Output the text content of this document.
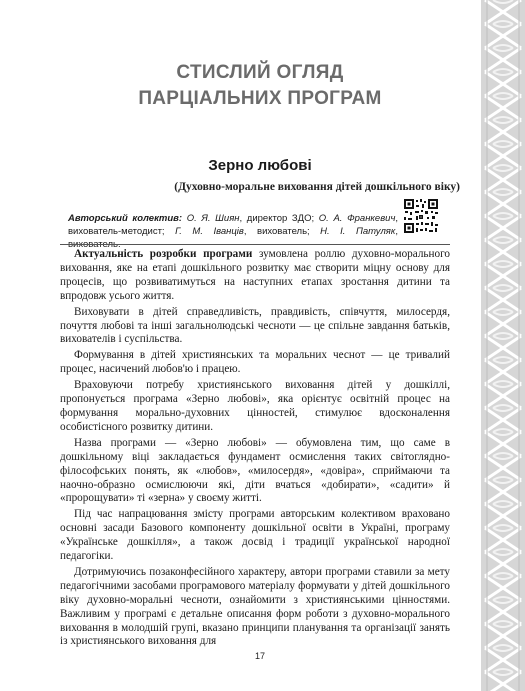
СТИСЛИЙ ОГЛЯД
ПАРЦІАЛЬНИХ ПРОГРАМ
Зерно любові
(Духовно-моральне виховання дітей дошкільного віку)
Авторський колектив: О. Я. Шиян, директор ЗДО; О. А. Франкевич, вихователь-методист; Г. М. Іванців, вихователь; Н. І. Патуляк, вихователь.

Актуальність розробки програми зумовлена роллю духовно-морального виховання, яке на етапі дошкільного розвитку має створити міцну основу для процесів, що розвиватимуться на наступних етапах зростання дитини та впродовж усього життя.

Виховувати в дітей справедливість, правдивість, співчуття, милосердя, почуття любові та інші загальнолюдські чесноти — це спільне завдання батьків, вихователів і суспільства.

Формування в дітей християнських та моральних чеснот — це тривалий процес, насичений любов'ю і працею.

Враховуючи потребу християнського виховання дітей у дошкіллі, пропонується програма «Зерно любові», яка орієнтує освітній процес на формування морально-духовних цінностей, стимулює вдосконалення особистісного розвитку дитини.

Назва програми — «Зерно любові» — обумовлена тим, що саме в дошкільному віці закладається фундамент осмислення таких світоглядно-філософських понять, як «любов», «милосердя», «довіра», сприймаючи та наочно-образно осмислюючи які, діти вчаться «добирати», «садити» й «пророщувати» ті «зерна» у своєму житті.

Під час напрацювання змісту програми авторським колективом враховано основні засади Базового компоненту дошкільної освіти в Україні, програму «Українське дошкілля», а також досвід і традиції української народної педагогіки.

Дотримуючись позаконфесійного характеру, автори програми ставили за мету педагогічними засобами програмового матеріалу формувати у дітей дошкільного віку духовно-моральні чесноти, ознайомити з християнськими цінностями. Важливим у програмі є детальне описання форм роботи з духовно-морального виховання в молодшій групі, вказано принципи планування та організації занять із християнського виховання для

17
